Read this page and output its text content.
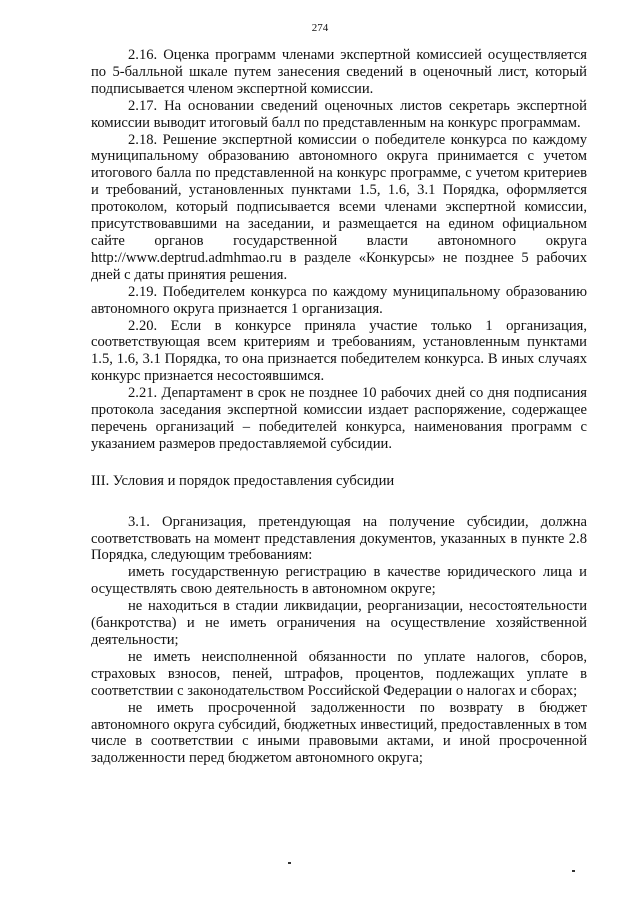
274

2.16. Оценка программ членами экспертной комиссией осуществляется по 5-балльной шкале путем занесения сведений в оценочный лист, который подписывается членом экспертной комиссии.

2.17. На основании сведений оценочных листов секретарь экспертной комиссии выводит итоговый балл по представленным на конкурс программам.

2.18. Решение экспертной комиссии о победителе конкурса по каждому муниципальному образованию автономного округа принимается с учетом итогового балла по представленной на конкурс программе, с учетом критериев и требований, установленных пунктами 1.5, 1.6, 3.1 Порядка, оформляется протоколом, который подписывается всеми членами экспертной комиссии, присутствовавшими на заседании, и размещается на едином официальном сайте органов государственной власти автономного округа http://www.deptrud.admhmao.ru в разделе «Конкурсы» не позднее 5 рабочих дней с даты принятия решения.

2.19. Победителем конкурса по каждому муниципальному образованию автономного округа признается 1 организация.

2.20. Если в конкурсе приняла участие только 1 организация, соответствующая всем критериям и требованиям, установленным пунктами 1.5, 1.6, 3.1 Порядка, то она признается победителем конкурса. В иных случаях конкурс признается несостоявшимся.

2.21. Департамент в срок не позднее 10 рабочих дней со дня подписания протокола заседания экспертной комиссии издает распоряжение, содержащее перечень организаций – победителей конкурса, наименования программ с указанием размеров предоставляемой субсидии.

III. Условия и порядок предоставления субсидии

3.1. Организация, претендующая на получение субсидии, должна соответствовать на момент представления документов, указанных в пункте 2.8 Порядка, следующим требованиям:

иметь государственную регистрацию в качестве юридического лица и осуществлять свою деятельность в автономном округе;

не находиться в стадии ликвидации, реорганизации, несостоятельности (банкротства) и не иметь ограничения на осуществление хозяйственной деятельности;

не иметь неисполненной обязанности по уплате налогов, сборов, страховых взносов, пеней, штрафов, процентов, подлежащих уплате в соответствии с законодательством Российской Федерации о налогах и сборах;

не иметь просроченной задолженности по возврату в бюджет автономного округа субсидий, бюджетных инвестиций, предоставленных в том числе в соответствии с иными правовыми актами, и иной просроченной задолженности перед бюджетом автономного округа;
